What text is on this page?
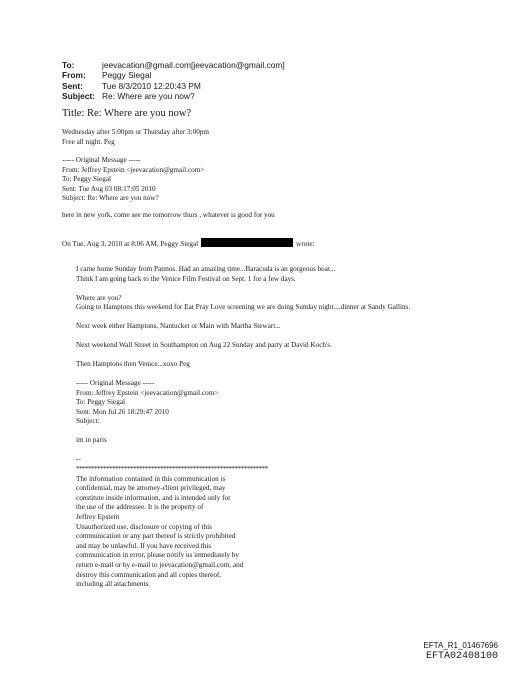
To:	jeevacation@gmail.com[jeevacation@gmail.com]
From:	Peggy Siegal
Sent:	Tue 8/3/2010 12:20:43 PM
Subject: Re: Where are you now?
Title: Re: Where are you now?
Wednesday after 5:00pm or Thursday after 3:00pm
Free all night. Peg
----- Original Message -----
From: Jeffrey Epstein <jeevacation@gmail.com>
To: Peggy Siegal
Sent: Tue Aug 03 08:17:05 2010
Subject: Re: Where are you now?
here in new york, come see me tomorrow thurs , whatever is good for you
On Tue, Aug 3, 2010 at 8:06 AM, Peggy Siegal	wrote:
I came home Sunday from Patmos. Had an amazing time...Baracuda is an gorgeous boat...
Think I am going back to the Venice Film Festival on Sept. 1 for a few days.
Where are you?
Going to Hamptons this weekend for Eat Pray Love screening we are doing Sunday night....dinner at Sandy Gallins.
Next week either Hamptons, Nantucket or Main with Martha Stewart...
Next weekend Wall Street in Southampton on Aug 22 Sunday and party at David Koch's.
Then Hamptons then Venice...xoxo Peg
----- Original Message -----
From: Jeffrey Epstein <jeevacation@gmail.com>
To: Peggy Siegal
Sent: Mon Jul 26 18:29:47 2010
Subject:
im in paris
--
****************************************************************
The information contained in this communication is
confidential, may be attorney-client privileged, may
constitute inside information, and is intended only for
the use of the addressee. It is the property of
Jeffrey Epstein
Unauthorized use, disclosure or copying of this
communication or any part thereof is strictly prohibited
and may be unlawful. If you have received this
communication in error, please notify us immediately by
return e-mail or by e-mail to jeevacation@gmail.com, and
destroy this communication and all copies thereof,
including all attachments.
EFTA_R1_01467696
EFTA02408100
